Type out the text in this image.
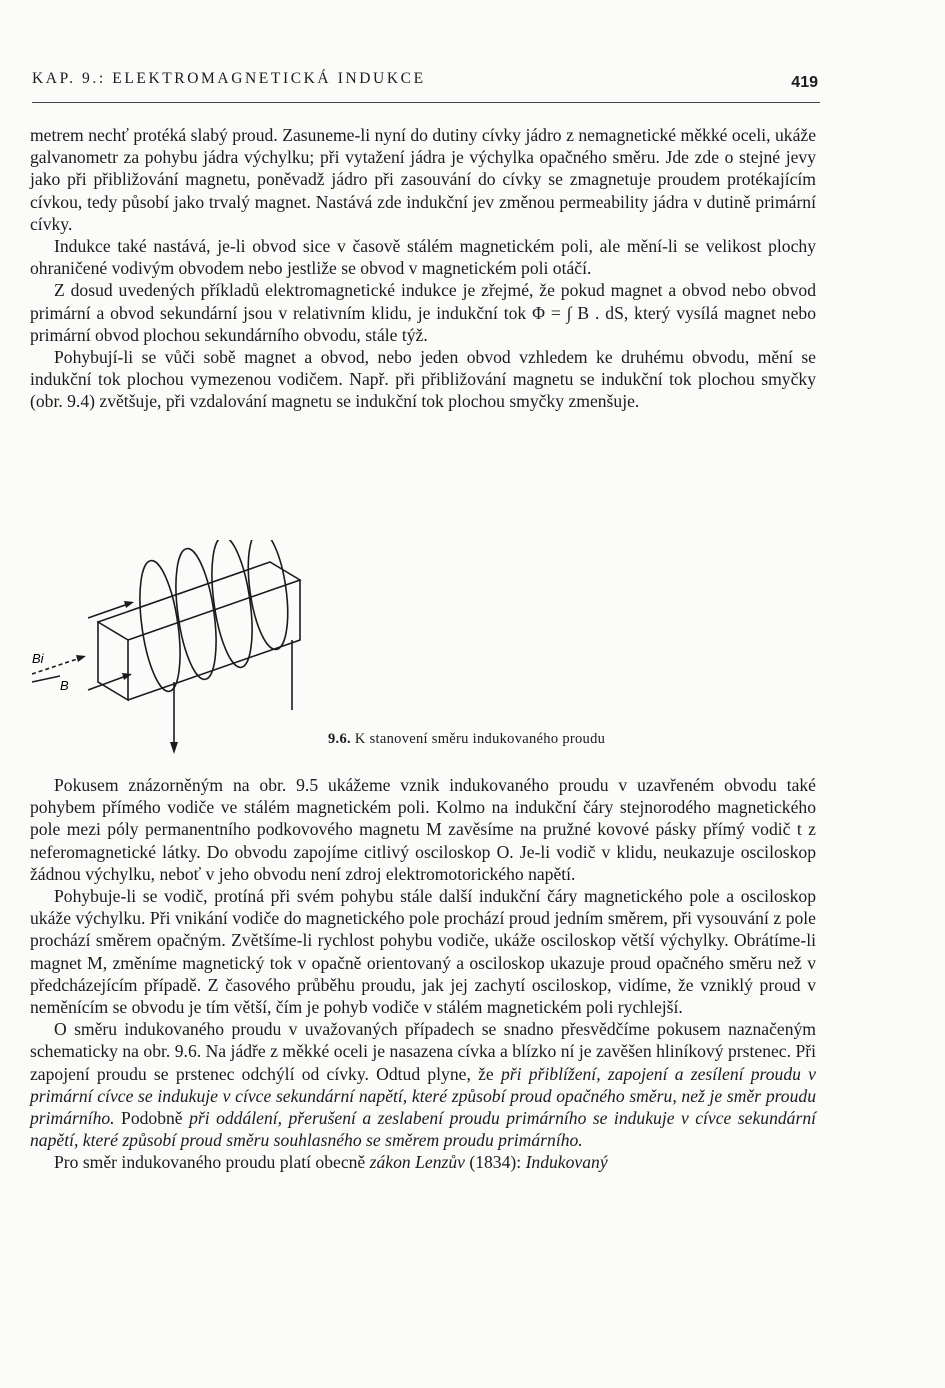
KAP. 9.: ELEKTROMAGNETICKÁ INDUKCE	419

metrem nechť protéká slabý proud. Zasuneme-li nyní do dutiny cívky jádro z nemagnetické měkké oceli, ukáže galvanometr za pohybu jádra výchylku; při vytažení jádra je výchylka opačného směru. Jde zde o stejné jevy jako při přibližování magnetu, poněvadž jádro při zasouvání do cívky se zmagnetuje proudem protékajícím cívkou, tedy působí jako trvalý magnet. Nastává zde indukční jev změnou permeability jádra v dutině primární cívky.

Indukce také nastává, je-li obvod sice v časově stálém magnetickém poli, ale mění-li se velikost plochy ohraničené vodivým obvodem nebo jestliže se obvod v magnetickém poli otáčí.

Z dosud uvedených příkladů elektromagnetické indukce je zřejmé, že pokud magnet a obvod nebo obvod primární a obvod sekundární jsou v relativním klidu, je indukční tok Φ = ∫ B . dS, který vysílá magnet nebo primární obvod plochou sekundárního obvodu, stále týž.

Pohybují-li se vůči sobě magnet a obvod, nebo jeden obvod vzhledem ke druhému obvodu, mění se indukční tok plochou vymezenou vodičem. Např. při přibližování magnetu se indukční tok plochou smyčky (obr. 9.4) zvětšuje, při vzdalování magnetu se indukční tok plochou smyčky zmenšuje.

Bi
B
9.6. K stanovení směru indukovaného proudu

Pokusem znázorněným na obr. 9.5 ukážeme vznik indukovaného proudu v uzavřeném obvodu také pohybem přímého vodiče ve stálém magnetickém poli. Kolmo na indukční čáry stejnorodého magnetického pole mezi póly permanentního podkovového magnetu M zavěsíme na pružné kovové pásky přímý vodič t z neferomagnetické látky. Do obvodu zapojíme citlivý osciloskop O. Je-li vodič v klidu, neukazuje osciloskop žádnou výchylku, neboť v jeho obvodu není zdroj elektromotorického napětí.

Pohybuje-li se vodič, protíná při svém pohybu stále další indukční čáry magnetického pole a osciloskop ukáže výchylku. Při vnikání vodiče do magnetického pole prochází proud jedním směrem, při vysouvání z pole prochází směrem opačným. Zvětšíme-li rychlost pohybu vodiče, ukáže osciloskop větší výchylky. Obrátíme-li magnet M, změníme magnetický tok v opačně orientovaný a osciloskop ukazuje proud opačného směru než v předcházejícím případě. Z časového průběhu proudu, jak jej zachytí osciloskop, vidíme, že vzniklý proud v neměnícím se obvodu je tím větší, čím je pohyb vodiče v stálém magnetickém poli rychlejší.

O směru indukovaného proudu v uvažovaných případech se snadno přesvědčíme pokusem naznačeným schematicky na obr. 9.6. Na jádře z měkké oceli je nasazena cívka a blízko ní je zavěšen hliníkový prstenec. Při zapojení proudu se prstenec odchýlí od cívky. Odtud plyne, že při přiblížení, zapojení a zesílení proudu v primární cívce se indukuje v cívce sekundární napětí, které způsobí proud opačného směru, než je směr proudu primárního. Podobně při oddálení, přerušení a zeslabení proudu primárního se indukuje v cívce sekundární napětí, které způsobí proud směru souhlasného se směrem proudu primárního.

Pro směr indukovaného proudu platí obecně zákon Lenzův (1834): Indukovaný
